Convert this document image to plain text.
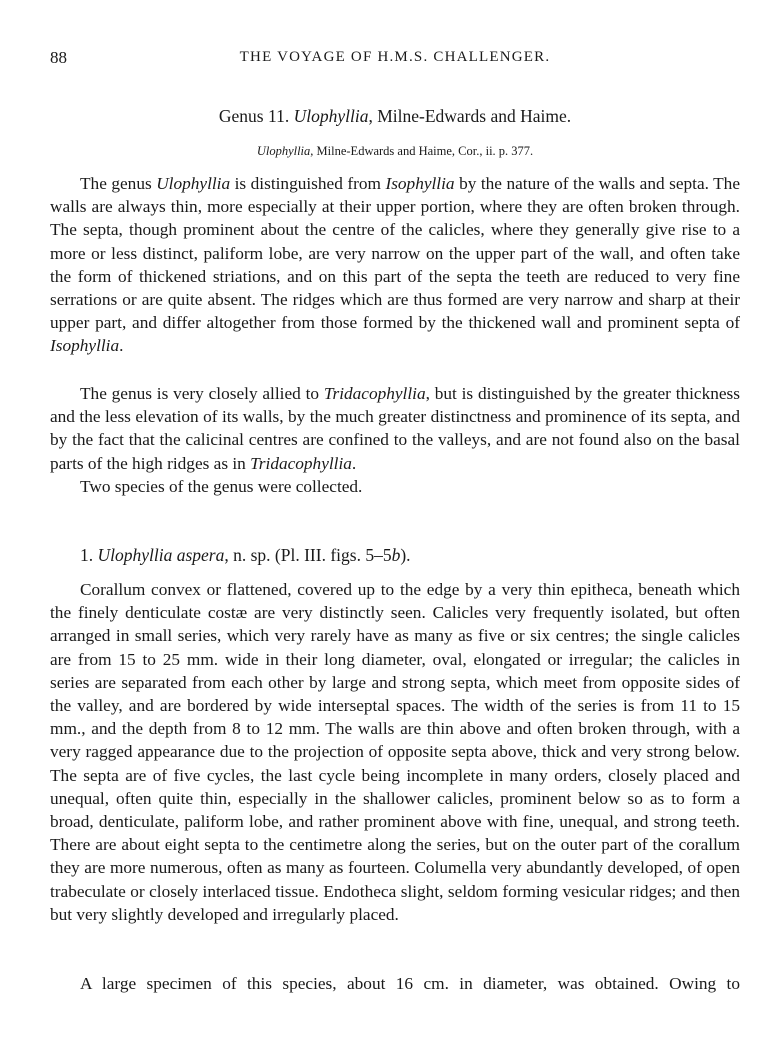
88	THE VOYAGE OF H.M.S. CHALLENGER.
Genus 11. Ulophyllia, Milne-Edwards and Haime.
Ulophyllia, Milne-Edwards and Haime, Cor., ii. p. 377.

The genus Ulophyllia is distinguished from Isophyllia by the nature of the walls and septa. The walls are always thin, more especially at their upper portion, where they are often broken through. The septa, though prominent about the centre of the calicles, where they generally give rise to a more or less distinct, paliform lobe, are very narrow on the upper part of the wall, and often take the form of thickened striations, and on this part of the septa the teeth are reduced to very fine serrations or are quite absent. The ridges which are thus formed are very narrow and sharp at their upper part, and differ altogether from those formed by the thickened wall and prominent septa of Isophyllia.

The genus is very closely allied to Tridacophyllia, but is distinguished by the greater thickness and the less elevation of its walls, by the much greater distinctness and prominence of its septa, and by the fact that the calicinal centres are confined to the valleys, and are not found also on the basal parts of the high ridges as in Tridacophyllia.

Two species of the genus were collected.

1. Ulophyllia aspera, n. sp. (Pl. III. figs. 5–5b).

Corallum convex or flattened, covered up to the edge by a very thin epitheca, beneath which the finely denticulate costæ are very distinctly seen. Calicles very frequently isolated, but often arranged in small series, which very rarely have as many as five or six centres; the single calicles are from 15 to 25 mm. wide in their long diameter, oval, elongated or irregular; the calicles in series are separated from each other by large and strong septa, which meet from opposite sides of the valley, and are bordered by wide interseptal spaces. The width of the series is from 11 to 15 mm., and the depth from 8 to 12 mm. The walls are thin above and often broken through, with a very ragged appearance due to the projection of opposite septa above, thick and very strong below. The septa are of five cycles, the last cycle being incomplete in many orders, closely placed and unequal, often quite thin, especially in the shallower calicles, prominent below so as to form a broad, denticulate, paliform lobe, and rather prominent above with fine, unequal, and strong teeth. There are about eight septa to the centimetre along the series, but on the outer part of the corallum they are more numerous, often as many as fourteen. Columella very abundantly developed, of open trabeculate or closely interlaced tissue. Endotheca slight, seldom forming vesicular ridges; and then but very slightly developed and irregularly placed.

A large specimen of this species, about 16 cm. in diameter, was obtained. Owing to
